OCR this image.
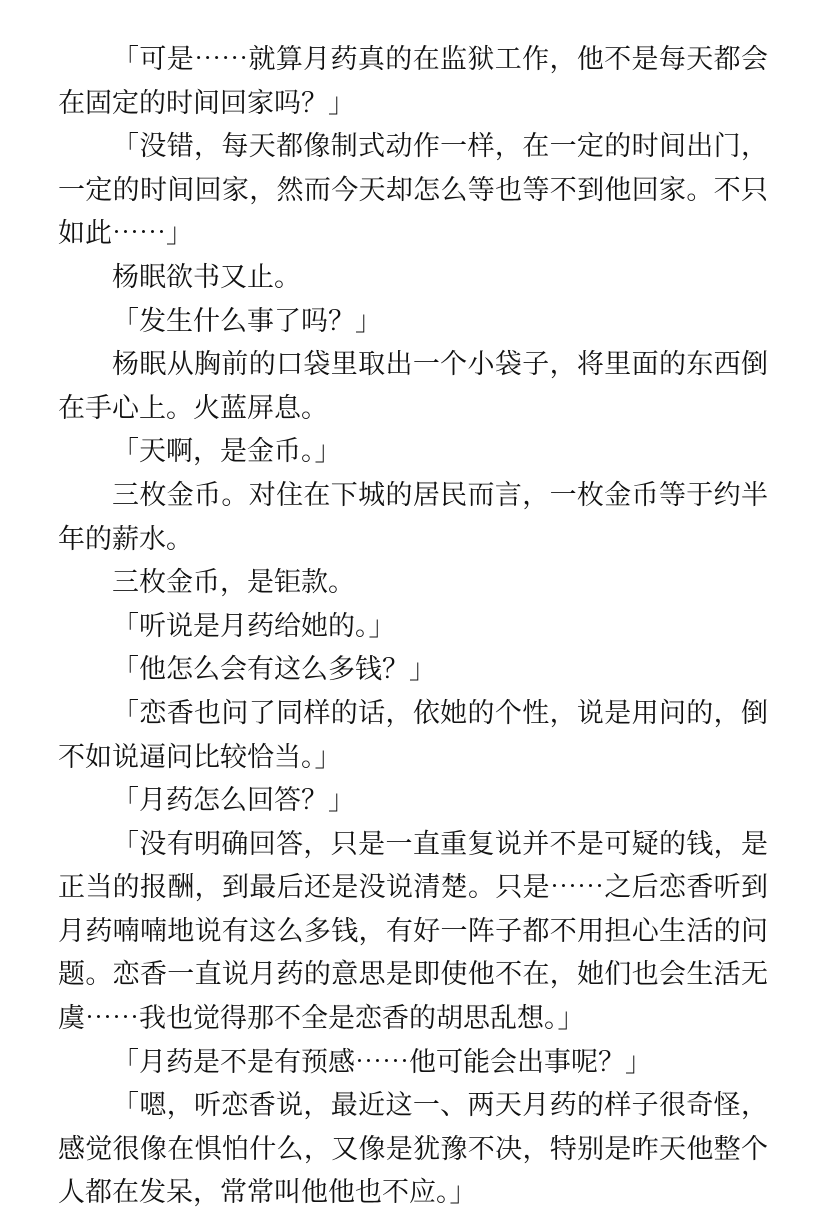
「可是⋯⋯就算月药真的在监狱工作，他不是每天都会在固定的时间回家吗？」

「没错，每天都像制式动作一样，在一定的时间出门，一定的时间回家，然而今天却怎么等也等不到他回家。不只如此⋯⋯」

杨眠欲书又止。

「发生什么事了吗？」

杨眠从胸前的口袋里取出一个小袋子，将里面的东西倒在手心上。火蓝屏息。

「天啊，是金币。」

三枚金币。对住在下城的居民而言，一枚金币等于约半年的薪水。

三枚金币，是钜款。

「听说是月药给她的。」

「他怎么会有这么多钱？」

「恋香也问了同样的话，依她的个性，说是用问的，倒不如说逼问比较恰当。」

「月药怎么回答？」

「没有明确回答，只是一直重复说并不是可疑的钱，是正当的报酬，到最后还是没说清楚。只是⋯⋯之后恋香听到月药喃喃地说有这么多钱，有好一阵子都不用担心生活的问题。恋香一直说月药的意思是即使他不在，她们也会生活无虞⋯⋯我也觉得那不全是恋香的胡思乱想。」

「月药是不是有预感⋯⋯他可能会出事呢？」

「嗯，听恋香说，最近这一、两天月药的样子很奇怪，感觉很像在惧怕什么，又像是犹豫不决，特别是昨天他整个人都在发呆，常常叫他他也不应。」
